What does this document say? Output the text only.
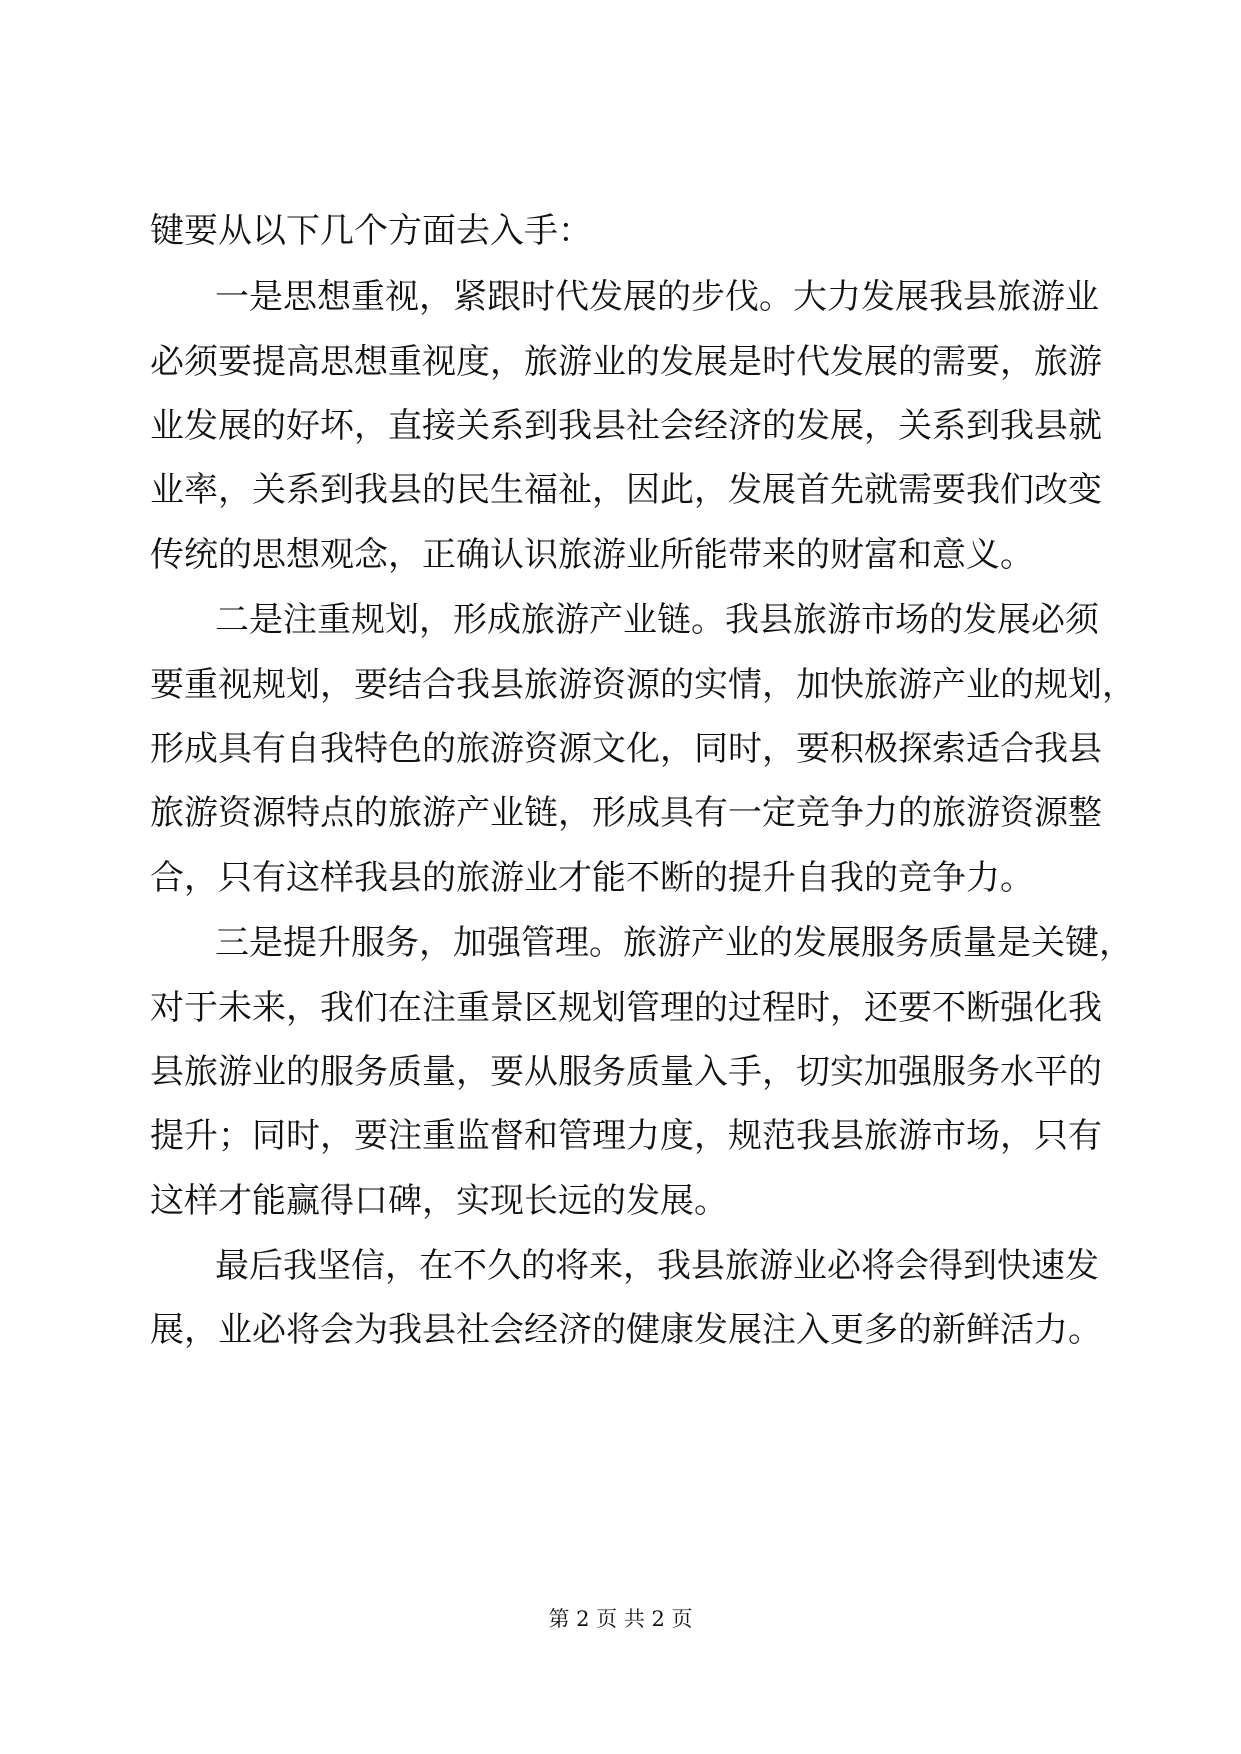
键要从以下几个方面去入手：
一是思想重视，紧跟时代发展的步伐。大力发展我县旅游业
必须要提高思想重视度，旅游业的发展是时代发展的需要，旅游
业发展的好坏，直接关系到我县社会经济的发展，关系到我县就
业率，关系到我县的民生福祉，因此，发展首先就需要我们改变
传统的思想观念，正确认识旅游业所能带来的财富和意义。
二是注重规划，形成旅游产业链。我县旅游市场的发展必须
要重视规划，要结合我县旅游资源的实情，加快旅游产业的规划，
形成具有自我特色的旅游资源文化，同时，要积极探索适合我县
旅游资源特点的旅游产业链，形成具有一定竞争力的旅游资源整
合，只有这样我县的旅游业才能不断的提升自我的竞争力。
三是提升服务，加强管理。旅游产业的发展服务质量是关键，
对于未来，我们在注重景区规划管理的过程时，还要不断强化我
县旅游业的服务质量，要从服务质量入手，切实加强服务水平的
提升；同时，要注重监督和管理力度，规范我县旅游市场，只有
这样才能赢得口碑，实现长远的发展。
最后我坚信，在不久的将来，我县旅游业必将会得到快速发
展，业必将会为我县社会经济的健康发展注入更多的新鲜活力。
第 2 页 共 2 页
